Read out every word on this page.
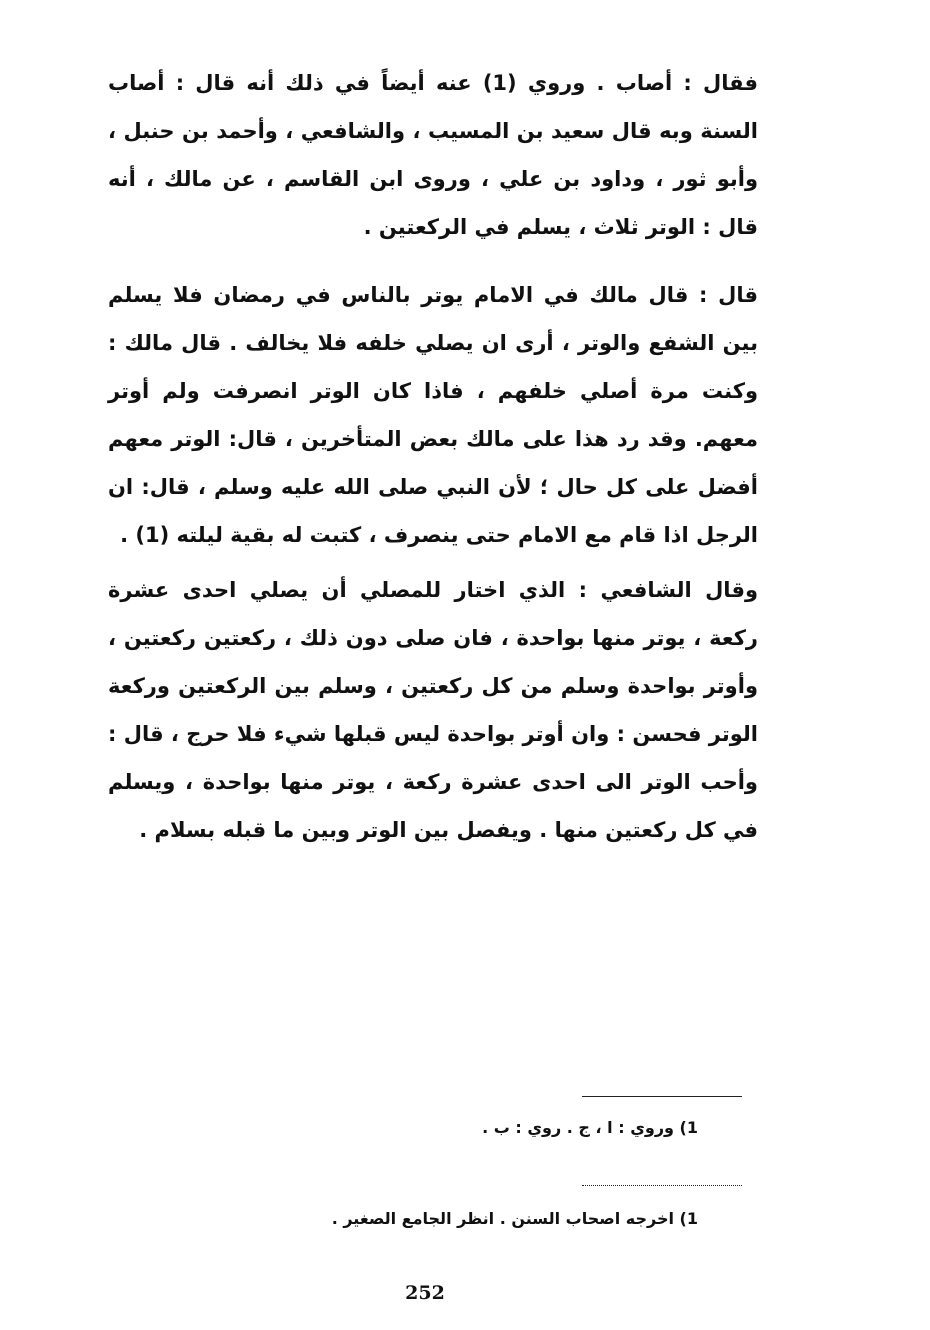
فقال : أصاب . وروي (1) عنه أيضاً في ذلك أنه قال : أصاب السنة وبه قال سعيد بن المسيب ، والشافعي ، وأحمد بن حنبل ، وأبو ثور ، وداود بن علي ، وروى ابن القاسم ، عن مالك ، أنه قال : الوتر ثلاث ، يسلم في الركعتين .

قال : قال مالك في الامام يوتر بالناس في رمضان فلا يسلم بين الشفع والوتر ، أرى ان يصلي خلفه فلا يخالف . قال مالك : وكنت مرة أصلي خلفهم ، فاذا كان الوتر انصرفت ولم أوتر معهم. وقد رد هذا على مالك بعض المتأخرين ، قال: الوتر معهم أفضل على كل حال ؛ لأن النبي صلى الله عليه وسلم ، قال: ان الرجل اذا قام مع الامام حتى ينصرف ، كتبت له بقية ليلته (1) .

وقال الشافعي : الذي اختار للمصلي أن يصلي احدى عشرة ركعة ، يوتر منها بواحدة ، فان صلى دون ذلك ، ركعتين ركعتين ، وأوتر بواحدة وسلم من كل ركعتين ، وسلم بين الركعتين وركعة الوتر فحسن : وان أوتر بواحدة ليس قبلها شيء فلا حرج ، قال : وأحب الوتر الى احدى عشرة ركعة ، يوتر منها بواحدة ، ويسلم في كل ركعتين منها . ويفصل بين الوتر وبين ما قبله بسلام .

1) وروي : ا ، ج . روي : ب .
1) اخرجه اصحاب السنن . انظر الجامع الصغير .
252
